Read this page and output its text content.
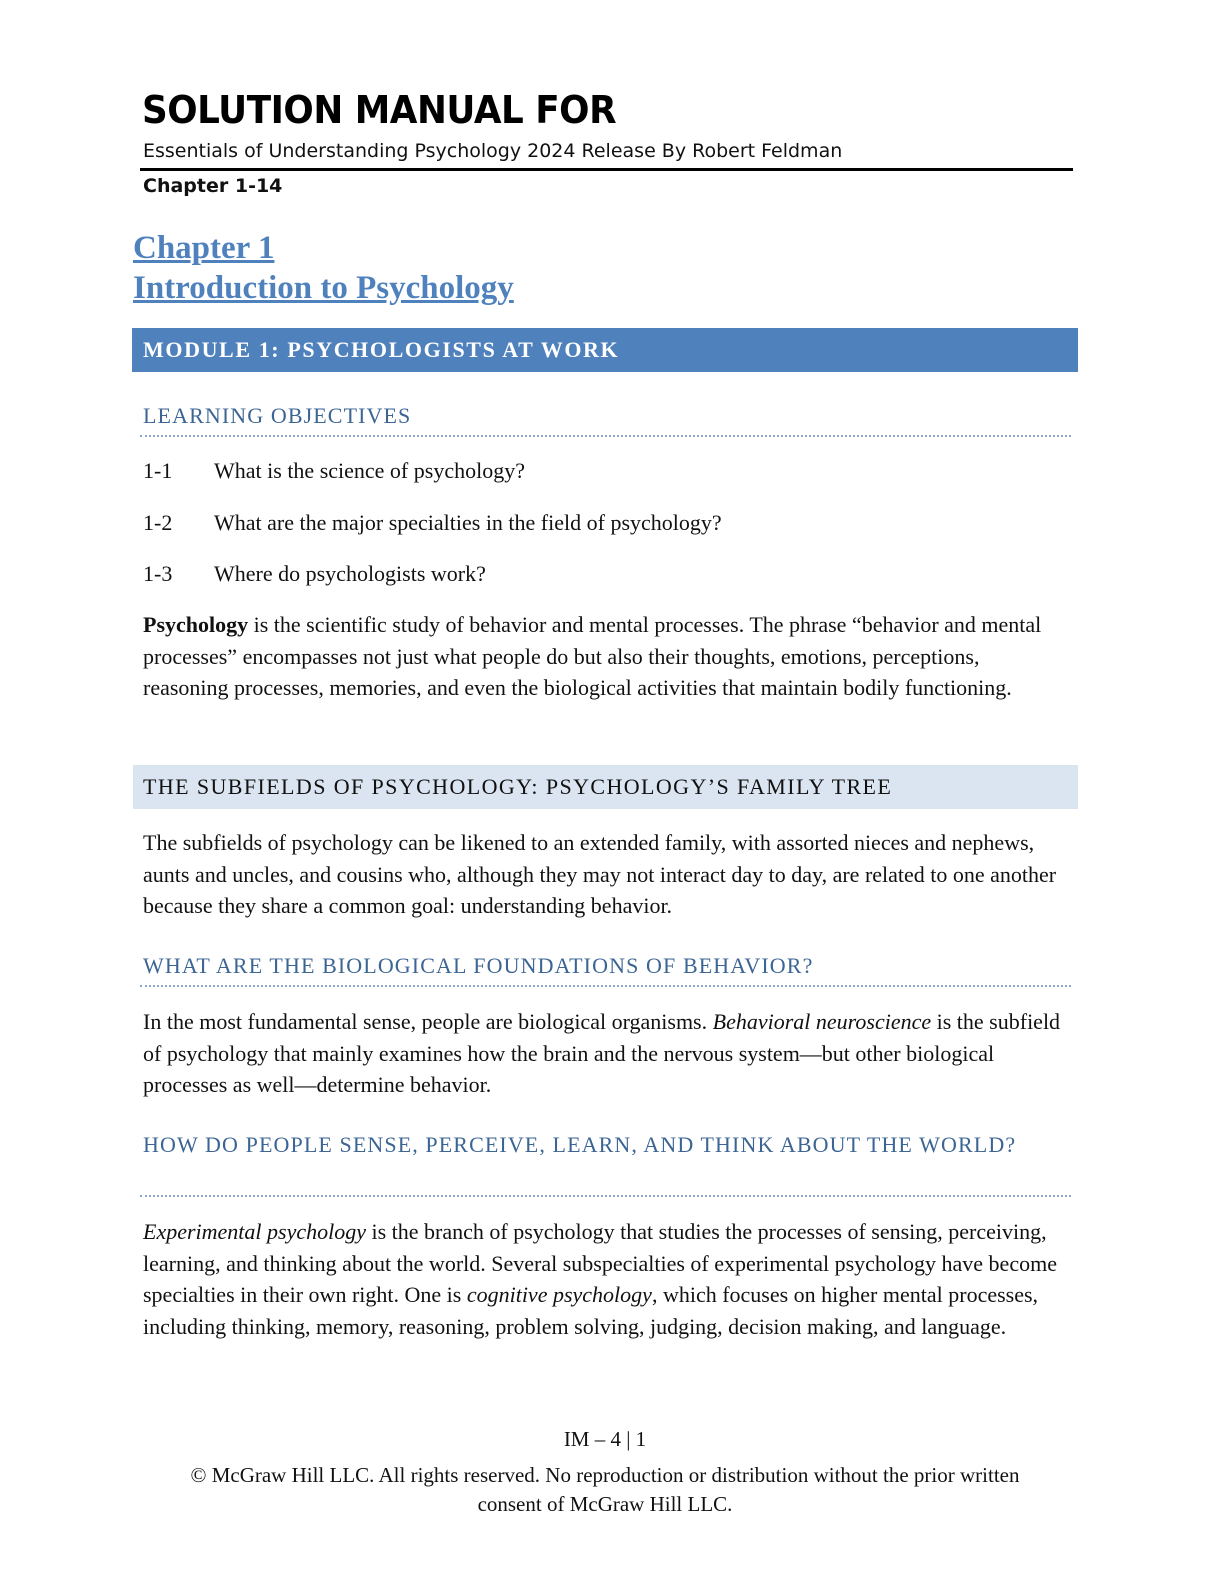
SOLUTION MANUAL FOR
Essentials of Understanding Psychology 2024 Release By Robert Feldman
Chapter 1-14
Chapter 1
Introduction to Psychology
MODULE 1: PSYCHOLOGISTS AT WORK
LEARNING OBJECTIVES
1-1 What is the science of psychology?
1-2 What are the major specialties in the field of psychology?
1-3 Where do psychologists work?
Psychology is the scientific study of behavior and mental processes. The phrase “behavior and mental processes” encompasses not just what people do but also their thoughts, emotions, perceptions, reasoning processes, memories, and even the biological activities that maintain bodily functioning.
THE SUBFIELDS OF PSYCHOLOGY: PSYCHOLOGY’S FAMILY TREE
The subfields of psychology can be likened to an extended family, with assorted nieces and nephews, aunts and uncles, and cousins who, although they may not interact day to day, are related to one another because they share a common goal: understanding behavior.
WHAT ARE THE BIOLOGICAL FOUNDATIONS OF BEHAVIOR?
In the most fundamental sense, people are biological organisms. Behavioral neuroscience is the subfield of psychology that mainly examines how the brain and the nervous system—but other biological processes as well—determine behavior.
HOW DO PEOPLE SENSE, PERCEIVE, LEARN, AND THINK ABOUT THE WORLD?
Experimental psychology is the branch of psychology that studies the processes of sensing, perceiving, learning, and thinking about the world. Several subspecialties of experimental psychology have become specialties in their own right. One is cognitive psychology, which focuses on higher mental processes, including thinking, memory, reasoning, problem solving, judging, decision making, and language.
IM – 4 | 1
© McGraw Hill LLC. All rights reserved. No reproduction or distribution without the prior written consent of McGraw Hill LLC.
